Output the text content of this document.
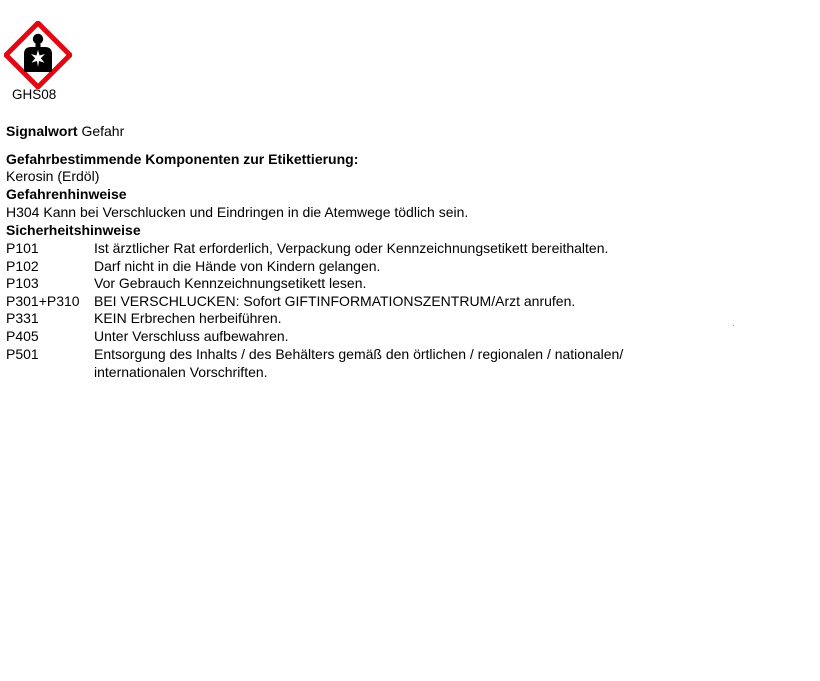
GHS08
Signalwort Gefahr
Gefahrbestimmende Komponenten zur Etikettierung:
Kerosin (Erdöl)
Gefahrenhinweise
H304 Kann bei Verschlucken und Eindringen in die Atemwege tödlich sein.
Sicherheitshinweise
P101	Ist ärztlicher Rat erforderlich, Verpackung oder Kennzeichnungsetikett bereithalten.
P102	Darf nicht in die Hände von Kindern gelangen.
P103	Vor Gebrauch Kennzeichnungsetikett lesen.
P301+P310 BEI VERSCHLUCKEN: Sofort GIFTINFORMATIONSZENTRUM/Arzt anrufen.
P331	KEIN Erbrechen herbeiführen.
P405	Unter Verschluss aufbewahren.
P501	Entsorgung des Inhalts / des Behälters gemäß den örtlichen / regionalen / nationalen/
internationalen Vorschriften.
